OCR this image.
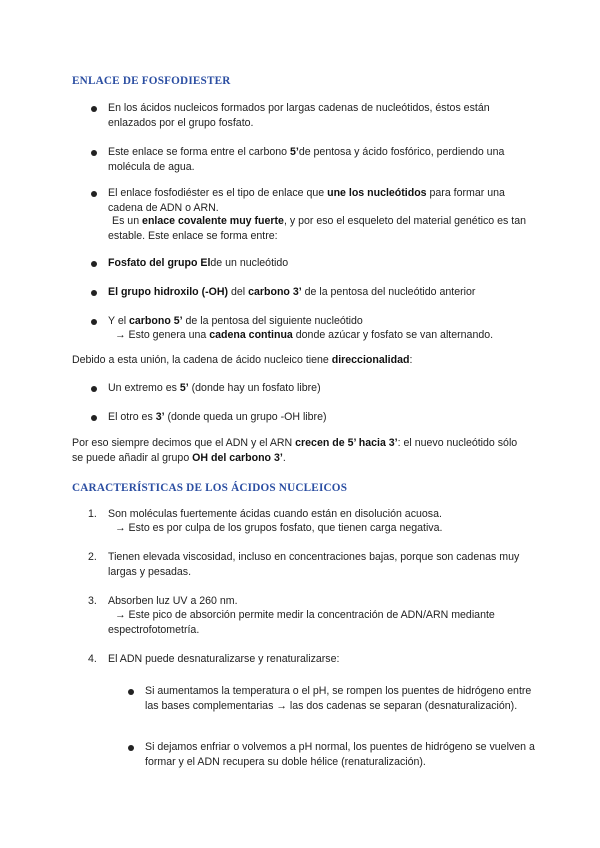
ENLACE DE FOSFODIESTER

En los ácidos nucleicos formados por largas cadenas de nucleótidos, éstos están enlazados por el grupo fosfato.

Este enlace se forma entre el carbono 5’de pentosa y ácido fosfórico, perdiendo una molécula de agua.

El enlace fosfodiéster es el tipo de enlace que une los nucleótidos para formar una cadena de ADN o ARN.

Es un enlace covalente muy fuerte, y por eso el esqueleto del material genético es tan estable. Este enlace se forma entre:

Fosfato del grupo Elde un nucleótido

El grupo hidroxilo (-OH) del carbono 3’ de la pentosa del nucleótido anterior

Y el carbono 5’ de la pentosa del siguiente nucleótido

→ Esto genera una cadena continua donde azúcar y fosfato se van alternando.

Debido a esta unión, la cadena de ácido nucleico tiene direccionalidad:

Un extremo es 5’ (donde hay un fosfato libre)

El otro es 3’ (donde queda un grupo -OH libre)

Por eso siempre decimos que el ADN y el ARN crecen de 5’ hacia 3’: el nuevo nucleótido sólo se puede añadir al grupo OH del carbono 3’.

CARACTERÍSTICAS DE LOS ÁCIDOS NUCLEICOS
1. Son moléculas fuertemente ácidas cuando están en disolución acuosa.

→ Esto es por culpa de los grupos fosfato, que tienen carga negativa.

2. Tienen elevada viscosidad, incluso en concentraciones bajas, porque son cadenas muy largas y pesadas.

3. Absorben luz UV a 260 nm.

→ Este pico de absorción permite medir la concentración de ADN/ARN mediante espectrofotometría.

4. El ADN puede desnaturalizarse y renaturalizarse:

Si aumentamos la temperatura o el pH, se rompen los puentes de hidrógeno entre las bases complementarias → las dos cadenas se separan (desnaturalización).

Si dejamos enfriar o volvemos a pH normal, los puentes de hidrógeno se vuelven a formar y el ADN recupera su doble hélice (renaturalización).
